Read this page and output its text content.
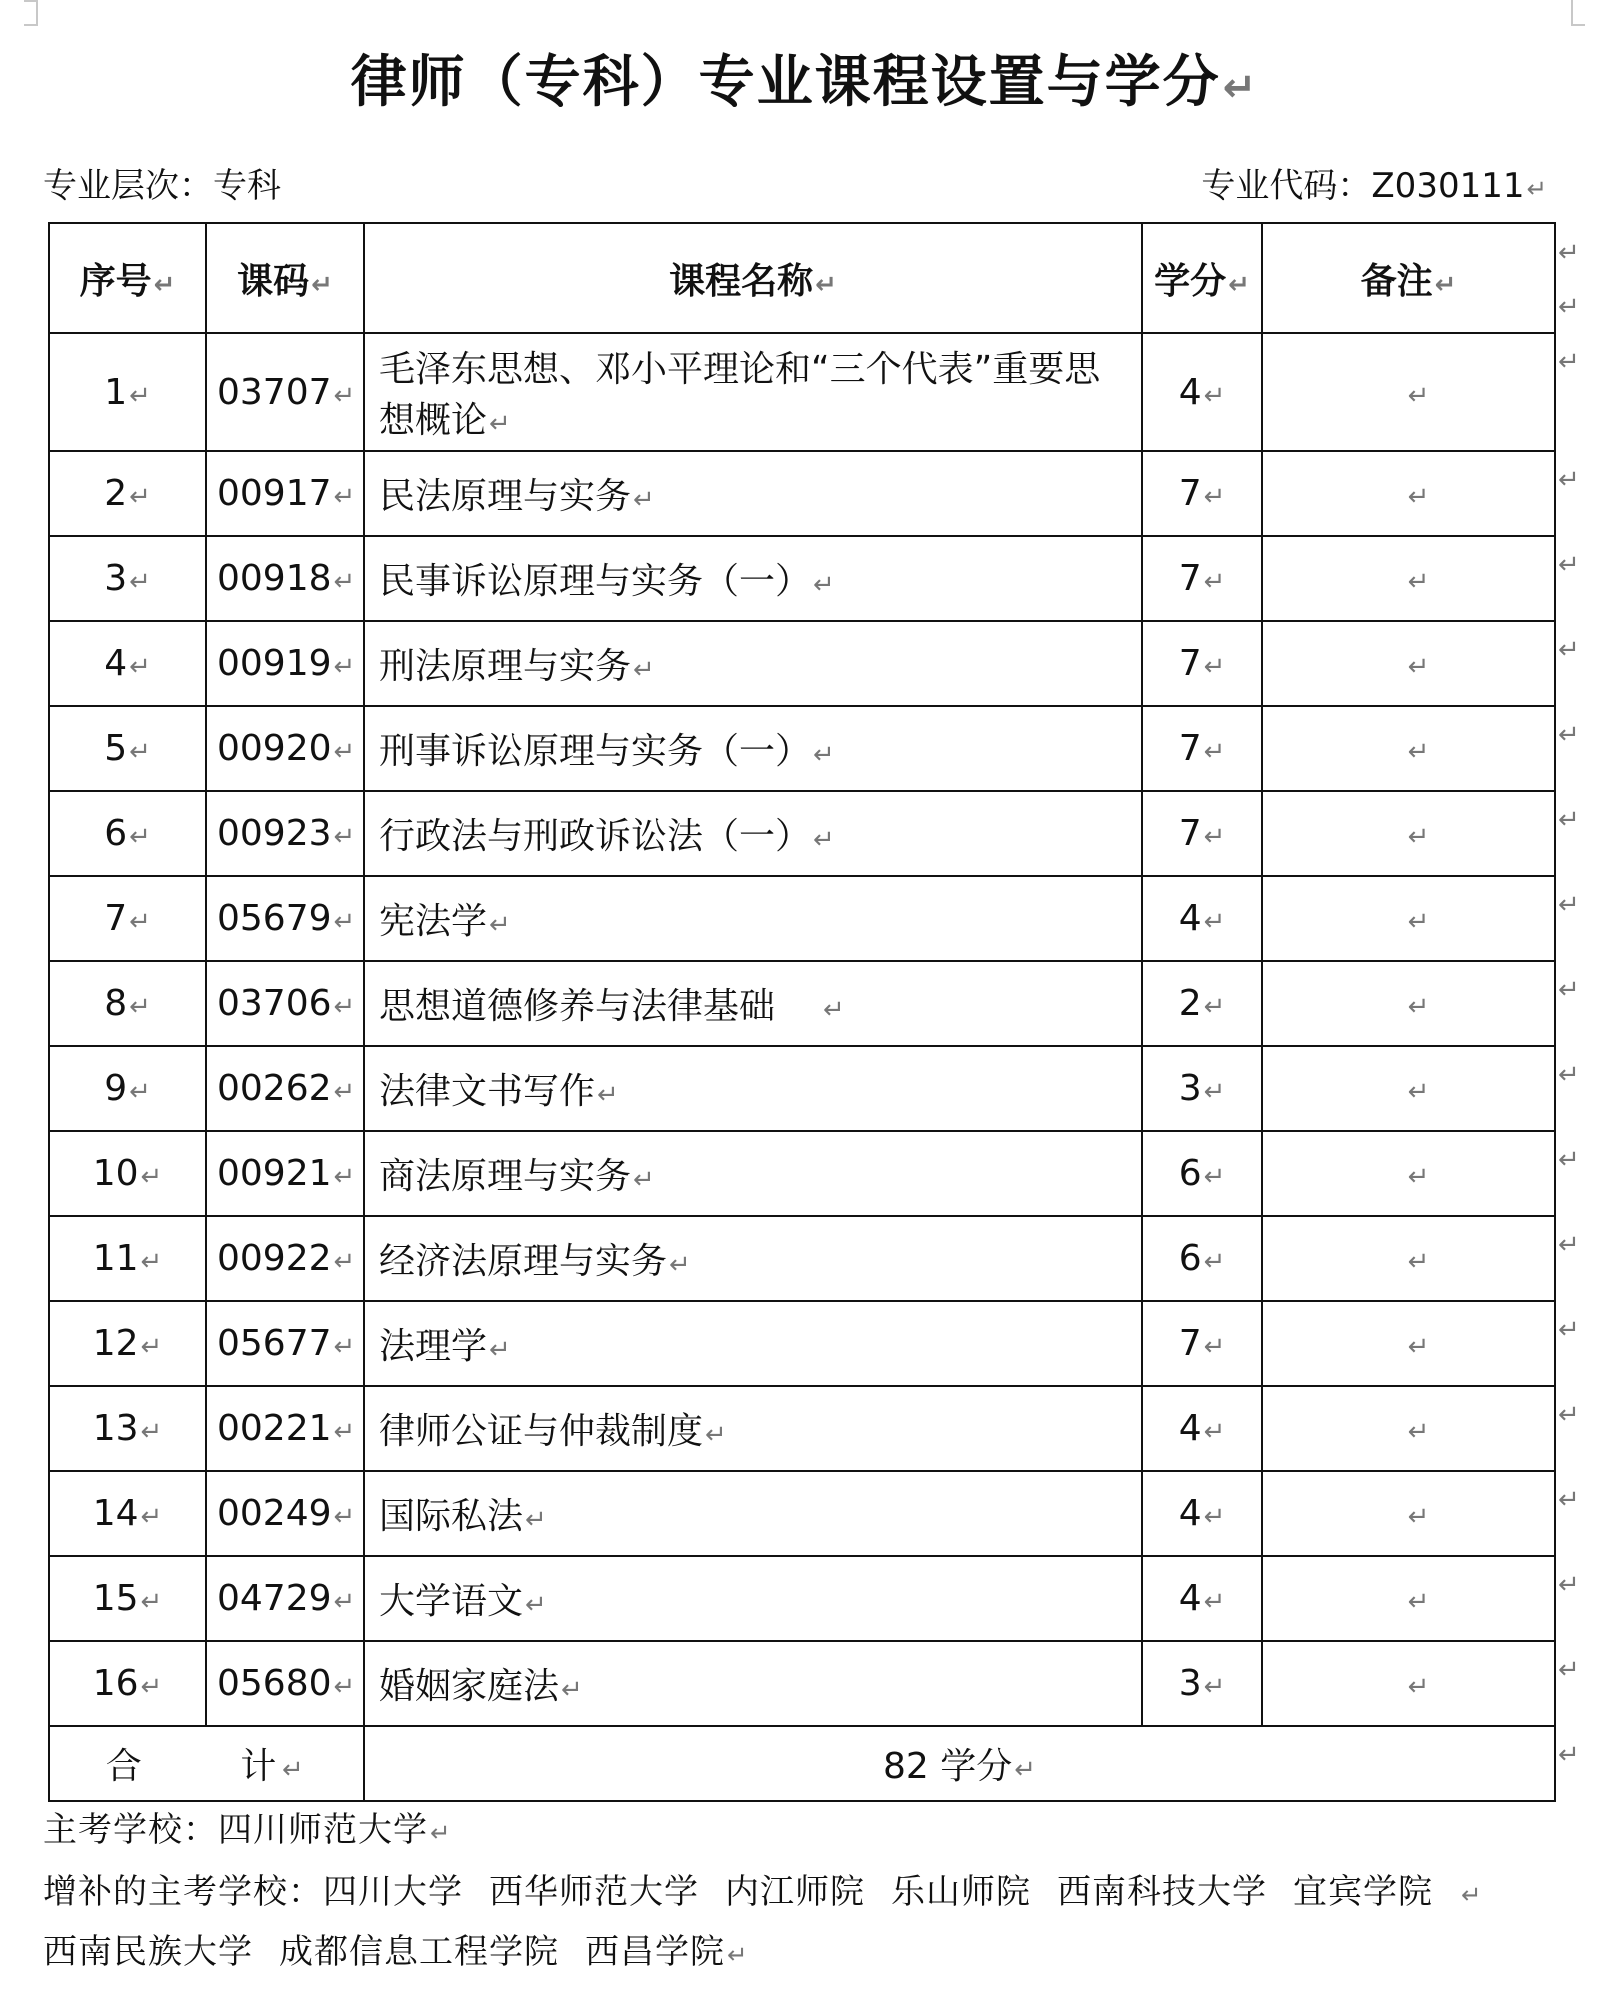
律师（专科）专业课程设置与学分↵
专业层次：专科	专业代码：Z030111↵
序号↵	课码↵	课程名称↵	学分↵	备注↵
1↵	03707↵	毛泽东思想、邓小平理论和“三个代表”重要思想概论↵	4↵	↵
2↵	00917↵	民法原理与实务↵	7↵	↵
3↵	00918↵	民事诉讼原理与实务（一）↵	7↵	↵
4↵	00919↵	刑法原理与实务↵	7↵	↵
5↵	00920↵	刑事诉讼原理与实务（一）↵	7↵	↵
6↵	00923↵	行政法与刑政诉讼法（一）↵	7↵	↵
7↵	05679↵	宪法学↵	4↵	↵
8↵	03706↵	思想道德修养与法律基础 ↵	2↵	↵
9↵	00262↵	法律文书写作↵	3↵	↵
10↵	00921↵	商法原理与实务↵	6↵	↵
11↵	00922↵	经济法原理与实务↵	6↵	↵
12↵	05677↵	法理学↵	7↵	↵
13↵	00221↵	律师公证与仲裁制度↵	4↵	↵
14↵	00249↵	国际私法↵	4↵	↵
15↵	04729↵	大学语文↵	4↵	↵
16↵	05680↵	婚姻家庭法↵	3↵	↵
合 计↵		82 学分↵		
↵
↵
↵
↵
↵
↵
↵
↵
↵
↵
↵
↵
↵
↵
↵
↵
↵
↵
↵
主考学校：四川师范大学↵
增补的主考学校：四川大学 西华师范大学 内江师院 乐山师院 西南科技大学 宜宾学院 ↵
西南民族大学 成都信息工程学院 西昌学院↵
